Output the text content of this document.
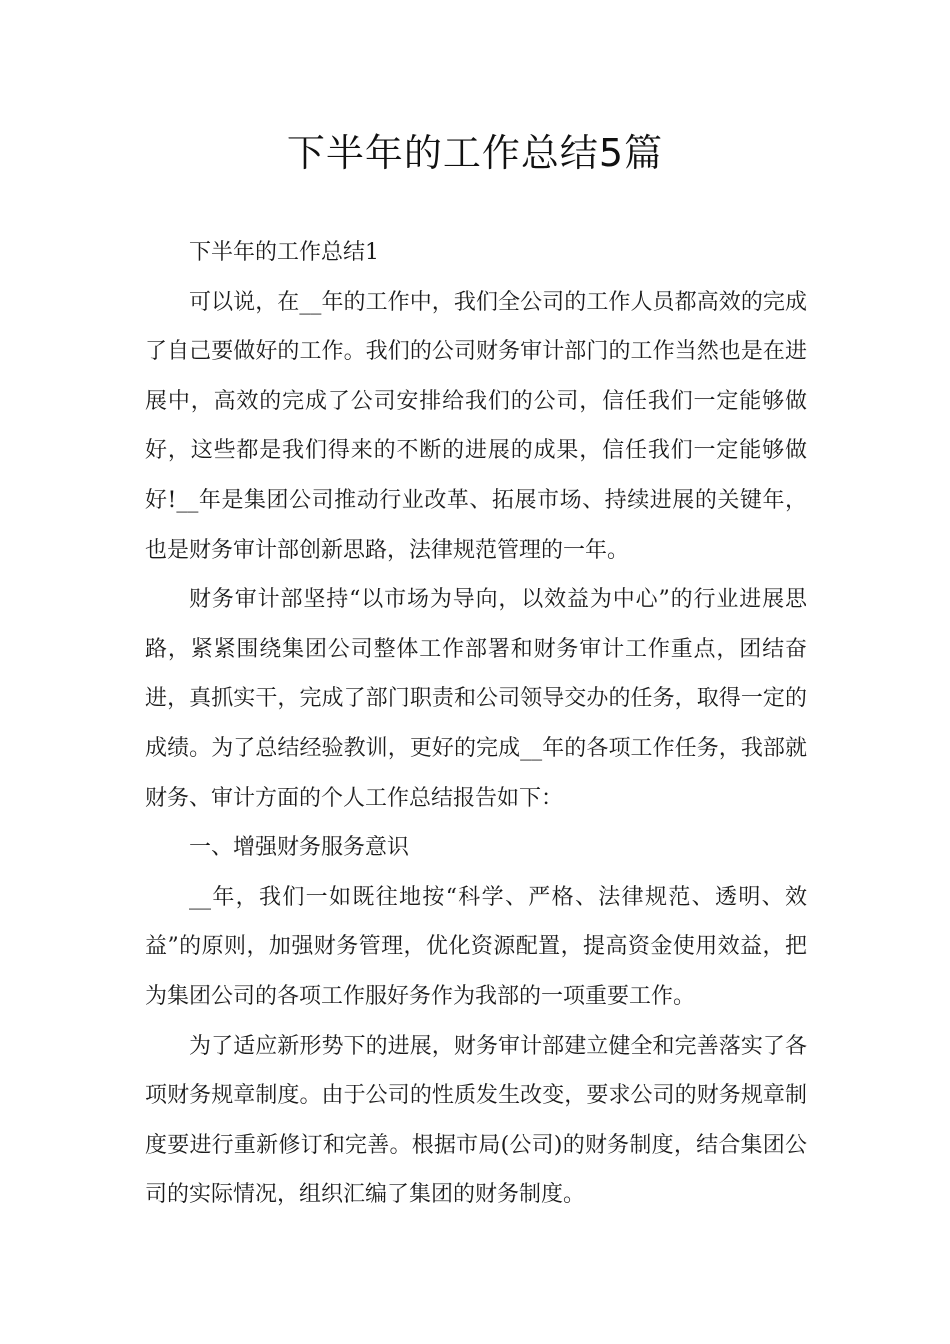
下半年的工作总结5篇

下半年的工作总结1

可以说，在__年的工作中，我们全公司的工作人员都高效的完成了自己要做好的工作。我们的公司财务审计部门的工作当然也是在进展中，高效的完成了公司安排给我们的公司，信任我们一定能够做好，这些都是我们得来的不断的进展的成果，信任我们一定能够做好!__年是集团公司推动行业改革、拓展市场、持续进展的关键年，也是财务审计部创新思路，法律规范管理的一年。

财务审计部坚持“以市场为导向，以效益为中心”的行业进展思路，紧紧围绕集团公司整体工作部署和财务审计工作重点，团结奋进，真抓实干，完成了部门职责和公司领导交办的任务，取得一定的成绩。为了总结经验教训，更好的完成__年的各项工作任务，我部就财务、审计方面的个人工作总结报告如下：

一、增强财务服务意识

__年，我们一如既往地按“科学、严格、法律规范、透明、效益”的原则，加强财务管理，优化资源配置，提高资金使用效益，把为集团公司的各项工作服好务作为我部的一项重要工作。

为了适应新形势下的进展，财务审计部建立健全和完善落实了各项财务规章制度。由于公司的性质发生改变，要求公司的财务规章制度要进行重新修订和完善。根据市局(公司)的财务制度，结合集团公司的实际情况，组织汇编了集团的财务制度。
